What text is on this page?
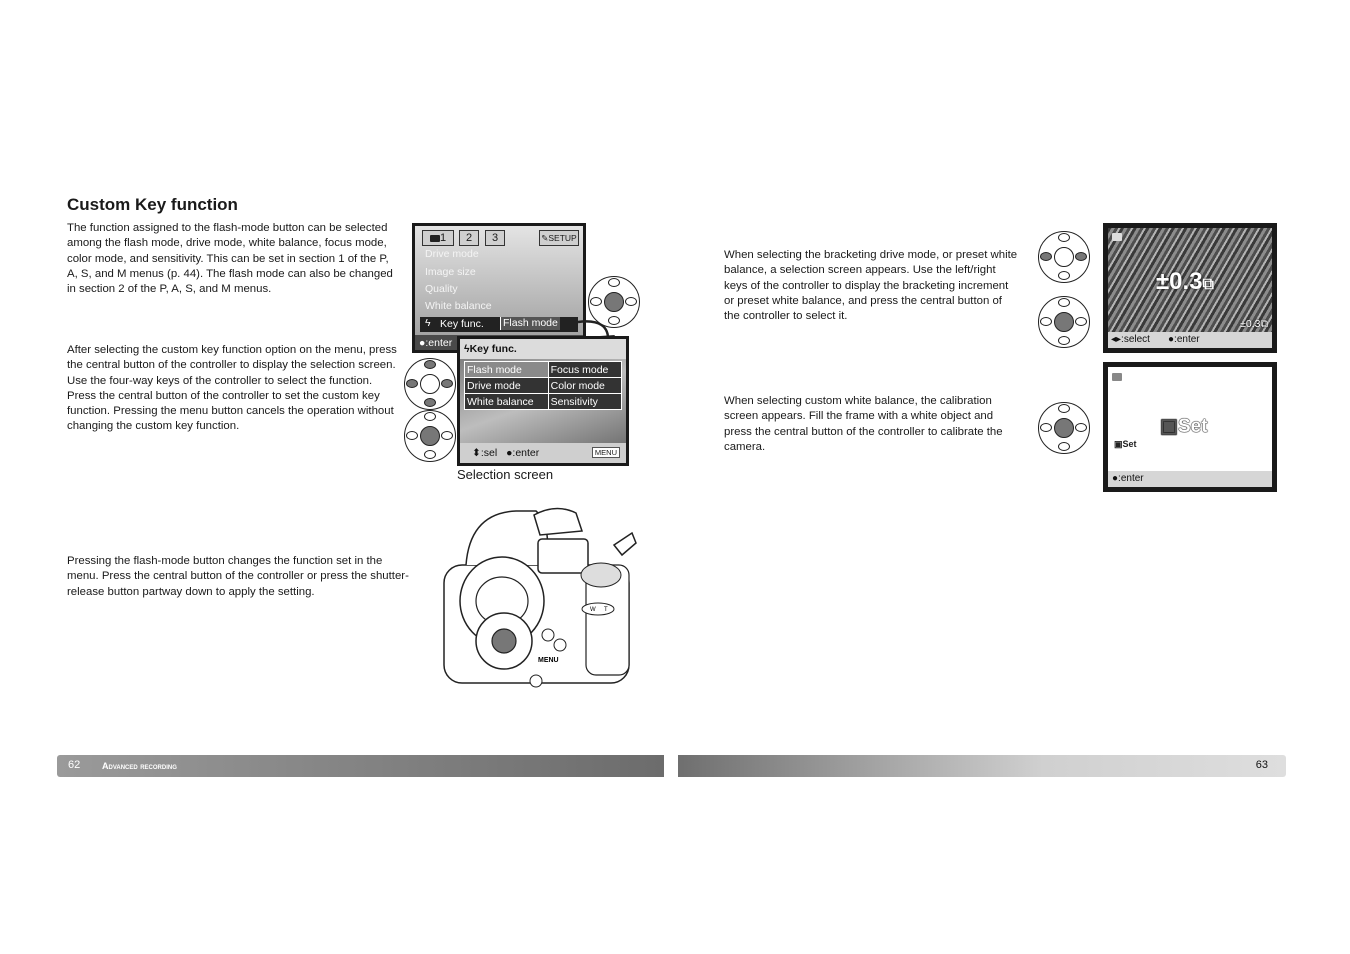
Custom Key function

The function assigned to the flash-mode button can be selected among the flash mode, drive mode, white balance, focus mode, color mode, and sensitivity. This can be set in section 1 of the P, A, S, and M menus (p. 44). The flash mode can also be changed in section 2 of the P, A, S, and M menus.

After selecting the custom key function option on the menu, press the central button of the controller to display the selection screen. Use the four-way keys of the controller to select the function. Press the central button of the controller to set the custom key function. Pressing the menu button cancels the operation without changing the custom key function.

Pressing the flash-mode button changes the function set in the menu. Press the central button of the controller or press the shutter-release button partway down to apply the setting.

1	2	3	✎SETUP
Drive mode
Image size
Quality
White balance
ϟ Key func. Flash mode
●:enter ϟKey func.
Flash mode	Focus mode
Drive mode	Color mode
White balance	Sensitivity
⬍:sel ●:enter	MENU
Selection screen
MENU
W T
62 Advanced recording

When selecting the bracketing drive mode, or preset white balance, a selection screen appears. Use the left/right keys of the controller to display the bracketing increment or preset white balance, and press the central button of the controller to select it.

When selecting custom white balance, the calibration screen appears. Fill the frame with a white object and press the central button of the controller to calibrate the camera.

±0.3⧉
±0.3⧉
◂▸:select ●:enter
▣Set
▣Set
●:enter
63
